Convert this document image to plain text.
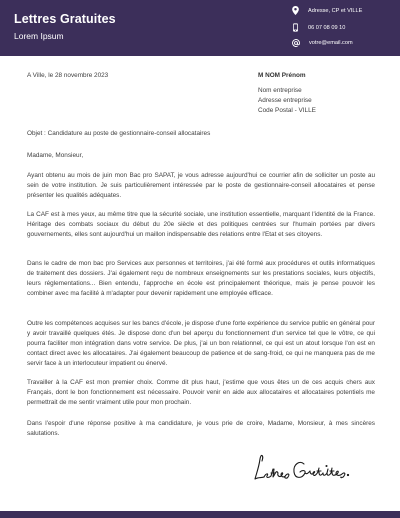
Lettres Gratuites
Lorem Ipsum
Adresse, CP et VILLE
06 07 08 09 10
votre@email.com
A Ville, le 28 novembre 2023	M NOM Prénom
Nom entreprise
Adresse entreprise
Code Postal - VILLE
Objet : Candidature au poste de gestionnaire-conseil allocataires
Madame, Monsieur,
Ayant obtenu au mois de juin mon Bac pro SAPAT, je vous adresse aujourd'hui ce courrier afin de solliciter un poste au sein de votre institution. Je suis particulièrement intéressée par le poste de gestionnaire-conseil allocataires et pense présenter les qualités adéquates.
La CAF est à mes yeux, au même titre que la sécurité sociale, une institution essentielle, marquant l'identité de la France. Héritage des combats sociaux du début du 20e siècle et des politiques centrées sur l'humain portées par divers gouvernements, elles sont aujourd'hui un maillon indispensable des relations entre l'Etat et ses citoyens.
Dans le cadre de mon bac pro Services aux personnes et territoires, j'ai été formé aux procédures et outils informatiques de traitement des dossiers. J'ai également reçu de nombreux enseignements sur les prestations sociales, leurs objectifs, leurs réglementations... Bien entendu, l'approche en école est principalement théorique, mais je pense pouvoir les combiner avec ma facilité à m'adapter pour devenir rapidement une employée efficace.
Outre les compétences acquises sur les bancs d'école, je dispose d'une forte expérience du service public en général pour y avoir travaillé quelques étés. Je dispose donc d'un bel aperçu du fonctionnement d'un service tel que le vôtre, ce qui pourra faciliter mon intégration dans votre service. De plus, j'ai un bon relationnel, ce qui est un atout lorsque l'on est en contact direct avec les allocataires. J'ai également beaucoup de patience et de sang-froid, ce qui ne manquera pas de me servir face à un interlocuteur impatient ou énervé.
Travailler à la CAF est mon premier choix. Comme dit plus haut, j'estime que vous êtes un de ces acquis chers aux Français, dont le bon fonctionnement est nécessaire. Pouvoir venir en aide aux allocataires et allocataires potentiels me permettrait de me sentir vraiment utile pour mon prochain.
Dans l'espoir d'une réponse positive à ma candidature, je vous prie de croire, Madame, Monsieur, à mes sincères salutations.
